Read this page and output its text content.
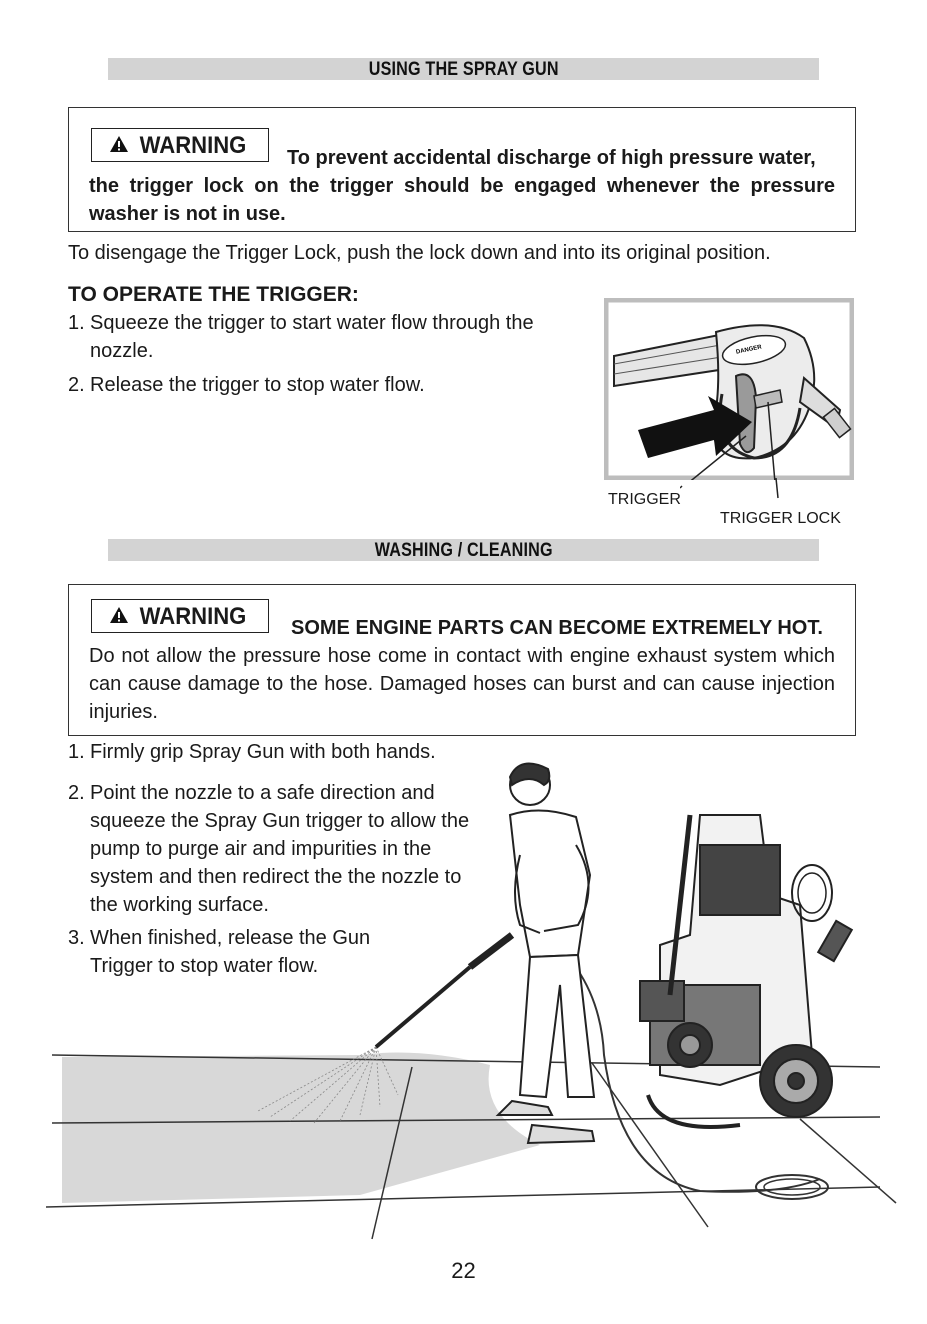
USING THE SPRAY GUN
WARNING	To prevent accidental discharge of high pressure water,
the trigger lock on the trigger should be engaged whenever the pressure washer is not in use.
To disengage the Trigger Lock, push the lock down and into its original position.
TO OPERATE THE TRIGGER:
1. Squeeze the trigger to start water flow through the nozzle.
2. Release the trigger to stop water flow.
DANGER
TRIGGER
TRIGGER LOCK
WASHING / CLEANING
WARNING	SOME ENGINE PARTS CAN BECOME EXTREMELY HOT.
Do not allow the pressure hose come in contact with engine exhaust system which can cause damage to the hose. Damaged hoses can burst and can cause injection injuries.
1. Firmly grip Spray Gun with both hands.
2. Point the nozzle to a safe direction and squeeze the Spray Gun trigger to allow the pump to purge air and impurities in the system and then redirect the the nozzle to the working surface.
3. When finished, release the Gun Trigger to stop water flow.
22
